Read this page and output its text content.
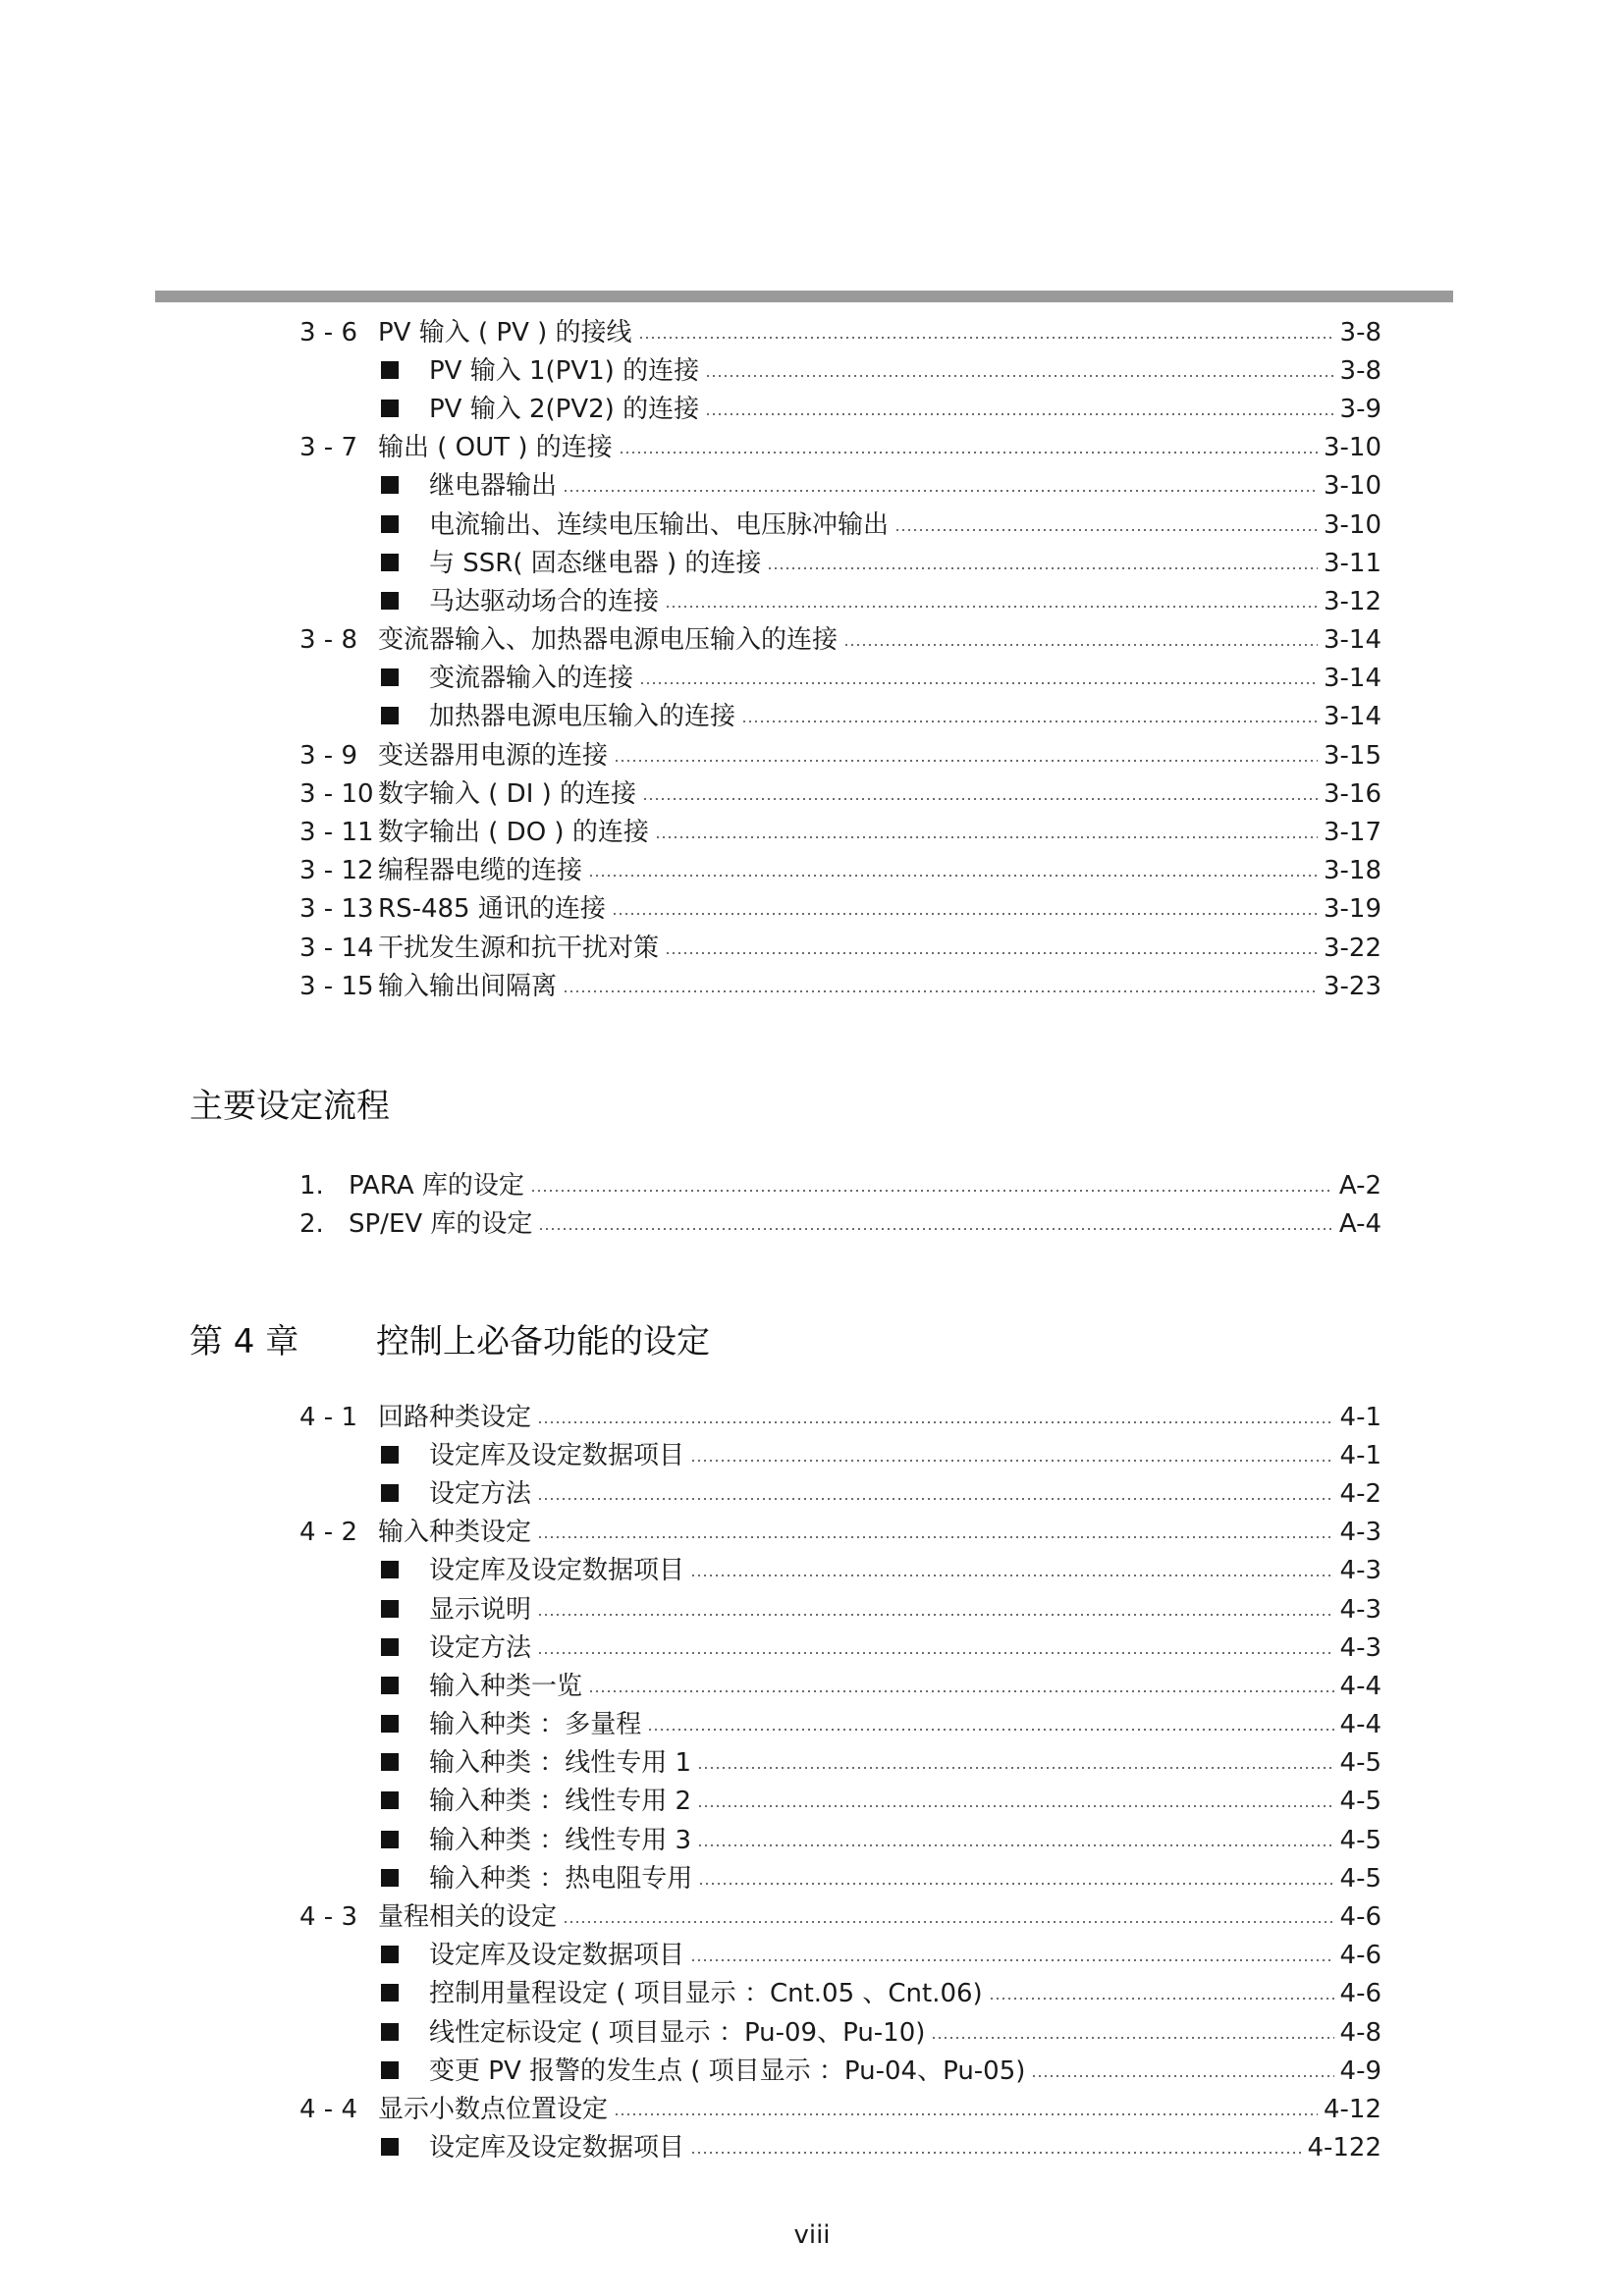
3 - 6 PV 输入 ( PV ) 的接线	3-8
PV 输入 1(PV1) 的连接	3-8
PV 输入 2(PV2) 的连接	3-9
3 - 7 输出 ( OUT ) 的连接	3-10
继电器输出	3-10
电流输出、连续电压输出、电压脉冲输出	3-10
与 SSR( 固态继电器 ) 的连接	3-11
马达驱动场合的连接	3-12
3 - 8 变流器输入、加热器电源电压输入的连接	3-14
变流器输入的连接	3-14
加热器电源电压输入的连接	3-14
3 - 9 变送器用电源的连接	3-15
3 - 10 数字输入 ( DI ) 的连接	3-16
3 - 11 数字输出 ( DO ) 的连接	3-17
3 - 12 编程器电缆的连接	3-18
3 - 13 RS-485 通讯的连接	3-19
3 - 14 干扰发生源和抗干扰对策	3-22
3 - 15 输入输出间隔离	3-23
主要设定流程
1. PARA 库的设定	A-2
2. SP/EV 库的设定	A-4
第 4 章 控制上必备功能的设定
4 - 1 回路种类设定	4-1
设定库及设定数据项目	4-1
设定方法	4-2
4 - 2 输入种类设定	4-3
设定库及设定数据项目	4-3
显示说明	4-3
设定方法	4-3
输入种类一览	4-4
输入种类 ：多量程	4-4
输入种类 ：线性专用 1	4-5
输入种类 ：线性专用 2	4-5
输入种类 ：线性专用 3	4-5
输入种类 ：热电阻专用	4-5
4 - 3 量程相关的设定	4-6
设定库及设定数据项目	4-6
控制用量程设定 ( 项目显示 ：Cnt.05 、Cnt.06)	4-6
线性定标设定 ( 项目显示 ：Pu-09、Pu-10)	4-8
变更 PV 报警的发生点 ( 项目显示 ：Pu-04、Pu-05)	4-9
4 - 4 显示小数点位置设定	4-12
设定库及设定数据项目	4-122
viii
